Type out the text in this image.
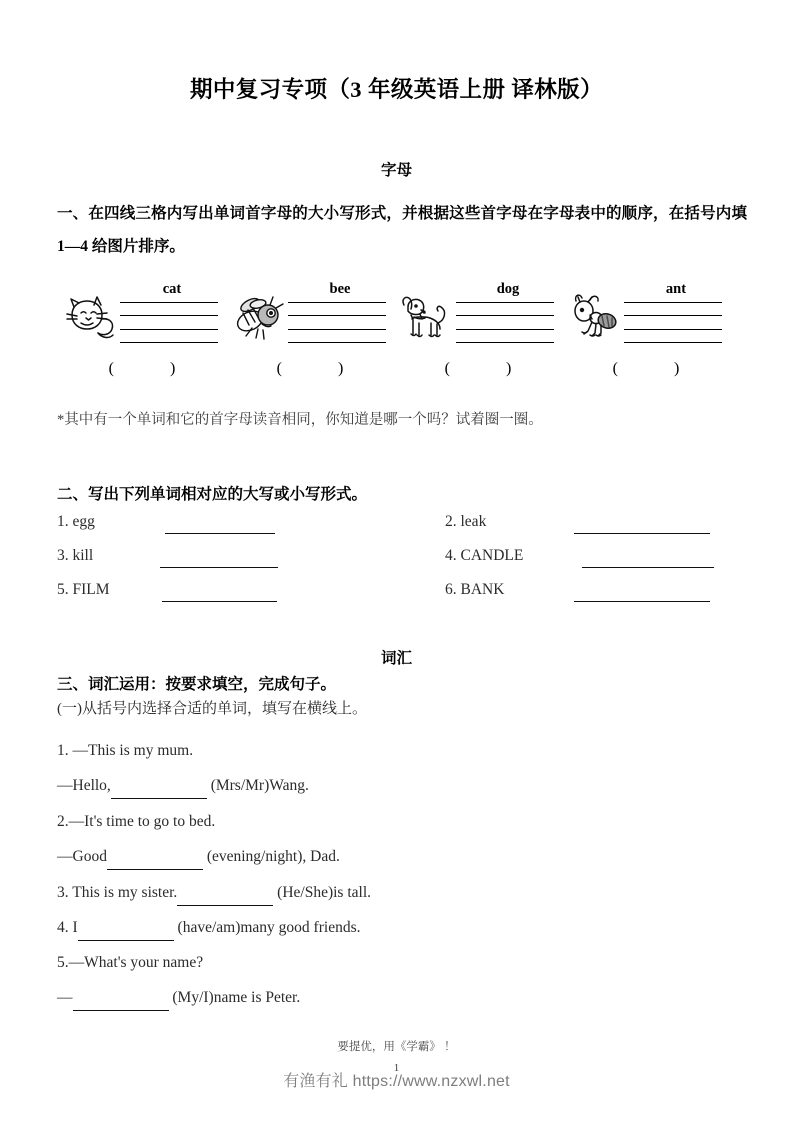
期中复习专项（3 年级英语上册 译林版）
字母
一、在四线三格内写出单词首字母的大小写形式，并根据这些首字母在字母表中的顺序，在括号内填 1—4 给图片排序。
cat	bee	dog	ant
( )	( )	( )	( )
*其中有一个单词和它的首字母读音相同，你知道是哪一个吗？试着圈一圈。
二、写出下列单词相对应的大写或小写形式。
1. egg	2. leak
3. kill	4. CANDLE
5. FILM	6. BANK
词汇
三、词汇运用：按要求填空，完成句子。
(一)从括号内选择合适的单词，填写在横线上。
1. —This is my mum.
—Hello,	(Mrs/Mr)Wang.
2.—It's time to go to bed.
—Good	(evening/night), Dad.
3. This is my sister.	(He/She)is tall.
4. I	(have/am)many good friends.
5.—What's your name?
—	(My/I)name is Peter.
要提优，用《学霸》 ！
1
有渔有礼 https://www.nzxwl.net
